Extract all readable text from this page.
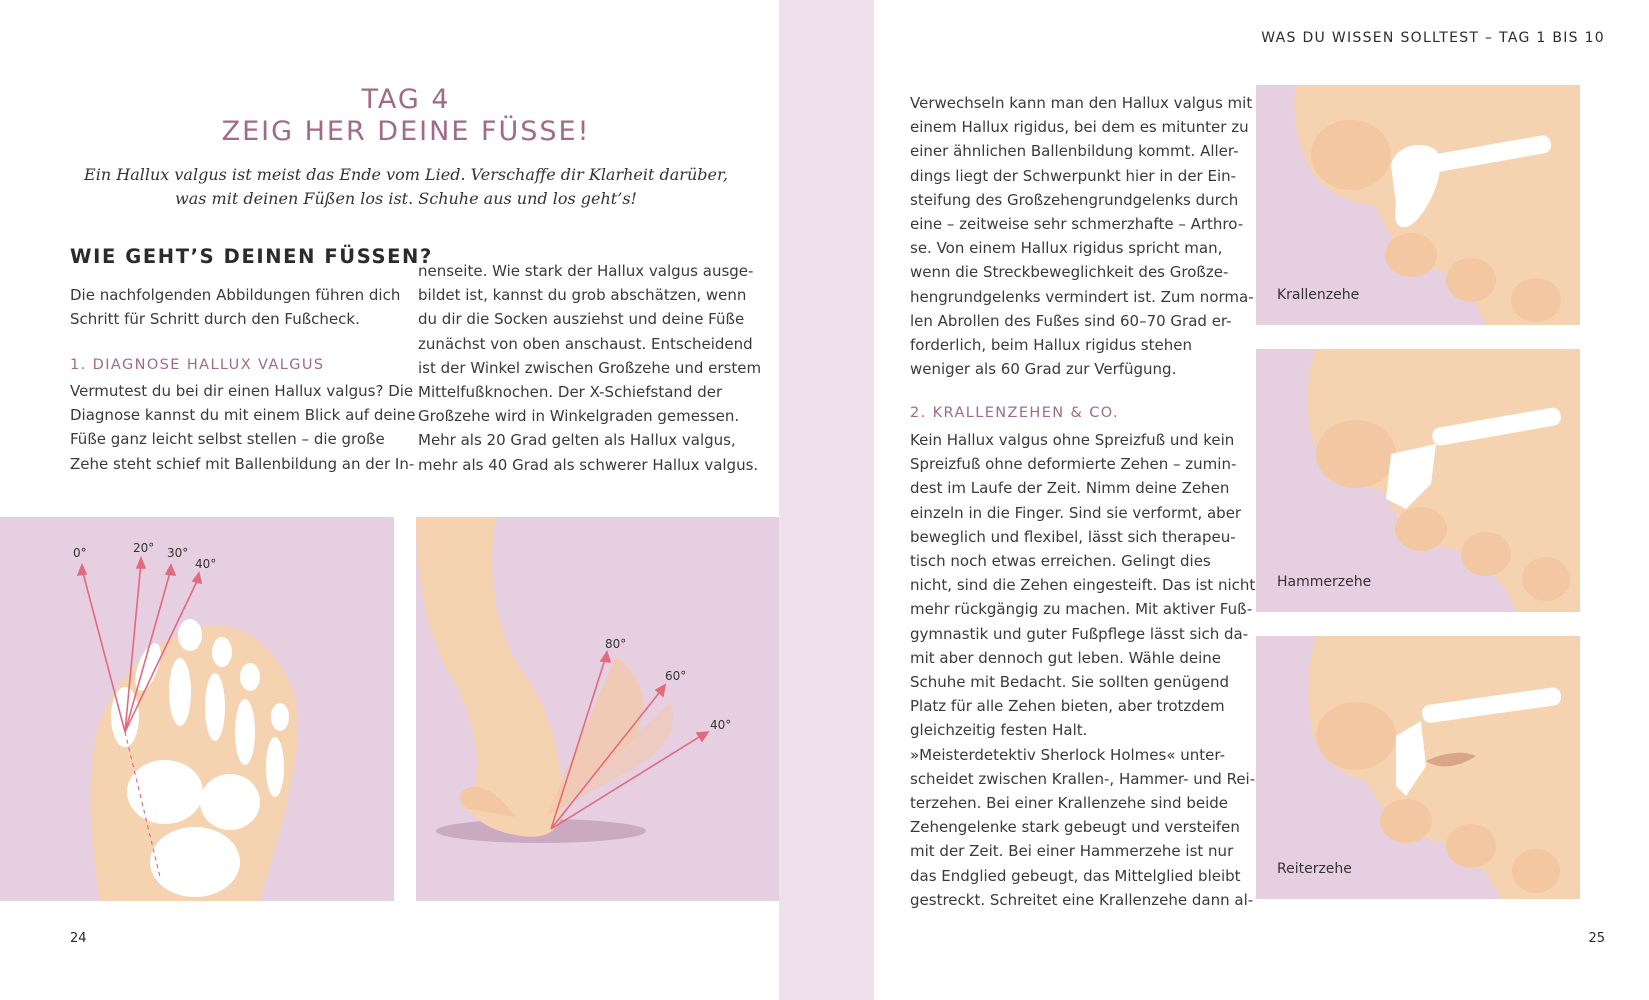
TAG 4
ZEIG HER DEINE FÜSSE!
Ein Hallux valgus ist meist das Ende vom Lied. Verschaffe dir Klarheit darüber,
was mit deinen Füßen los ist. Schuhe aus und los geht’s!
WIE GEHT’S DEINEN FÜSSEN?
Die nachfolgenden Abbildungen führen dich
Schritt für Schritt durch den Fußcheck.
1. DIAGNOSE HALLUX VALGUS
Vermutest du bei dir einen Hallux valgus? Die
Diagnose kannst du mit einem Blick auf deine
Füße ganz leicht selbst stellen – die große
Zehe steht schief mit Ballenbildung an der In-
nenseite. Wie stark der Hallux valgus ausge-
bildet ist, kannst du grob abschätzen, wenn
du dir die Socken ausziehst und deine Füße
zunächst von oben anschaust. Entscheidend
ist der Winkel zwischen Großzehe und erstem
Mittelfußknochen. Der X-Schiefstand der
Großzehe wird in Winkelgraden gemessen.
Mehr als 20 Grad gelten als Hallux valgus,
mehr als 40 Grad als schwerer Hallux valgus.
0°	20° 30°
40°
80°
60°
40°
24
WAS DU WISSEN SOLLTEST – TAG 1 BIS 10
Verwechseln kann man den Hallux valgus mit
einem Hallux rigidus, bei dem es mitunter zu
einer ähnlichen Ballenbildung kommt. Aller-
dings liegt der Schwerpunkt hier in der Ein-
steifung des Großzehengrundgelenks durch
eine – zeitweise sehr schmerzhafte – Arthro-
se. Von einem Hallux rigidus spricht man,
wenn die Streckbeweglichkeit des Großze-
hengrundgelenks vermindert ist. Zum norma-
len Abrollen des Fußes sind 60–70 Grad er-
forderlich, beim Hallux rigidus stehen
weniger als 60 Grad zur Verfügung.
2. KRALLENZEHEN & CO.
Kein Hallux valgus ohne Spreizfuß und kein
Spreizfuß ohne deformierte Zehen – zumin-
dest im Laufe der Zeit. Nimm deine Zehen
einzeln in die Finger. Sind sie verformt, aber
beweglich und flexibel, lässt sich therapeu-
tisch noch etwas erreichen. Gelingt dies
nicht, sind die Zehen eingesteift. Das ist nicht
mehr rückgängig zu machen. Mit aktiver Fuß-
gymnastik und guter Fußpflege lässt sich da-
mit aber dennoch gut leben. Wähle deine
Schuhe mit Bedacht. Sie sollten genügend
Platz für alle Zehen bieten, aber trotzdem
gleichzeitig festen Halt.
»Meisterdetektiv Sherlock Holmes« unter-
scheidet zwischen Krallen-, Hammer- und Rei-
terzehen. Bei einer Krallenzehe sind beide
Zehengelenke stark gebeugt und versteifen
mit der Zeit. Bei einer Hammerzehe ist nur
das Endglied gebeugt, das Mittelglied bleibt
gestreckt. Schreitet eine Krallenzehe dann al-
Krallenzehe
Hammerzehe
Reiterzehe
25
